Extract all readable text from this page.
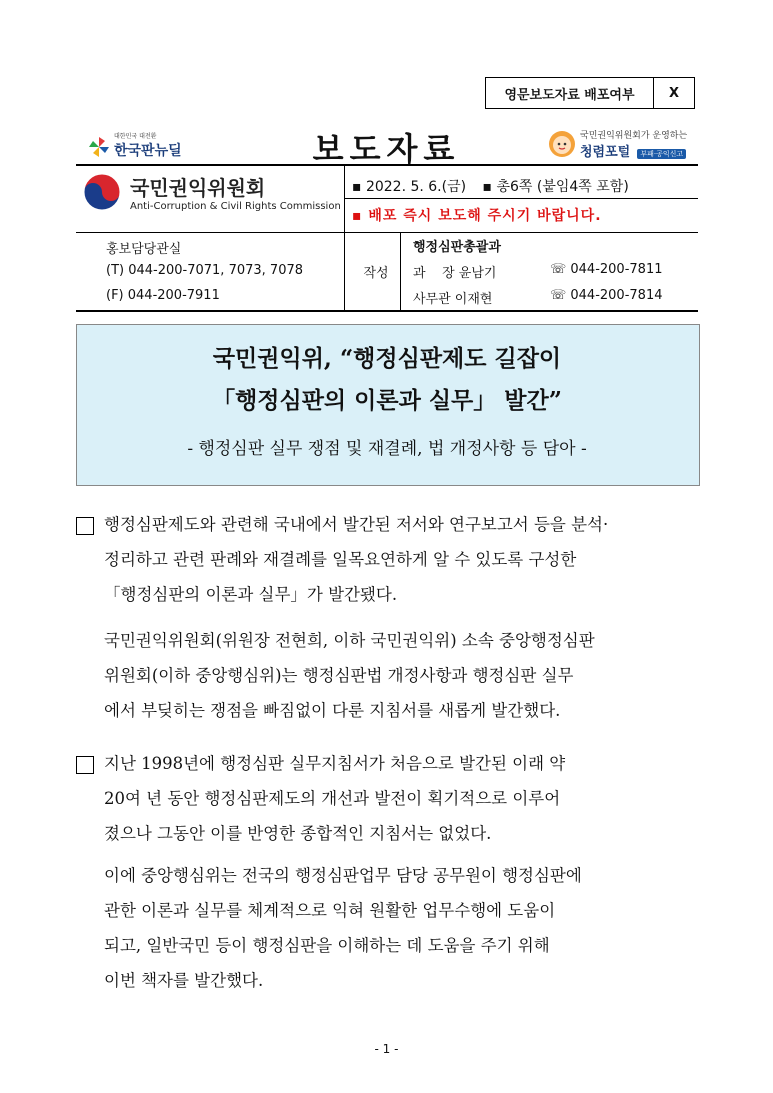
영문보도자료 배포여부	X
대한민국 대전환
한국판뉴딜	보도자료	국민권익위원회가 운영하는
청렴포털 부패·공익신고
국민권익위원회
Anti-Corruption & Civil Rights Commission
▪ 2022. 5. 6.(금) ▪ 총6쪽 (붙임4쪽 포함)
▪ 배포 즉시 보도해 주시기 바랍니다.
홍보담당관실
(T) 044-200-7071, 7073, 7078
(F) 044-200-7911
작성
행정심판총괄과
과    장 윤남기	☏ 044-200-7811
사무관 이재현	☏ 044-200-7814
국민권익위, “행정심판제도 길잡이
「행정심판의 이론과 실무」 발간”
- 행정심판 실무 쟁점 및 재결례, 법 개정사항 등 담아 -
행정심판제도와 관련해 국내에서 발간된 저서와 연구보고서 등을 분석·
정리하고 관련 판례와 재결례를 일목요연하게 알 수 있도록 구성한
「행정심판의 이론과 실무」가 발간됐다.
국민권익위원회(위원장 전현희, 이하 국민권익위) 소속 중앙행정심판
위원회(이하 중앙행심위)는 행정심판법 개정사항과 행정심판 실무
에서 부딪히는 쟁점을 빠짐없이 다룬 지침서를 새롭게 발간했다.
지난 1998년에 행정심판 실무지침서가 처음으로 발간된 이래 약
20여 년 동안 행정심판제도의 개선과 발전이 획기적으로 이루어
졌으나 그동안 이를 반영한 종합적인 지침서는 없었다.
이에 중앙행심위는 전국의 행정심판업무 담당 공무원이 행정심판에
관한 이론과 실무를 체계적으로 익혀 원활한 업무수행에 도움이
되고, 일반국민 등이 행정심판을 이해하는 데 도움을 주기 위해
이번 책자를 발간했다.
- 1 -
